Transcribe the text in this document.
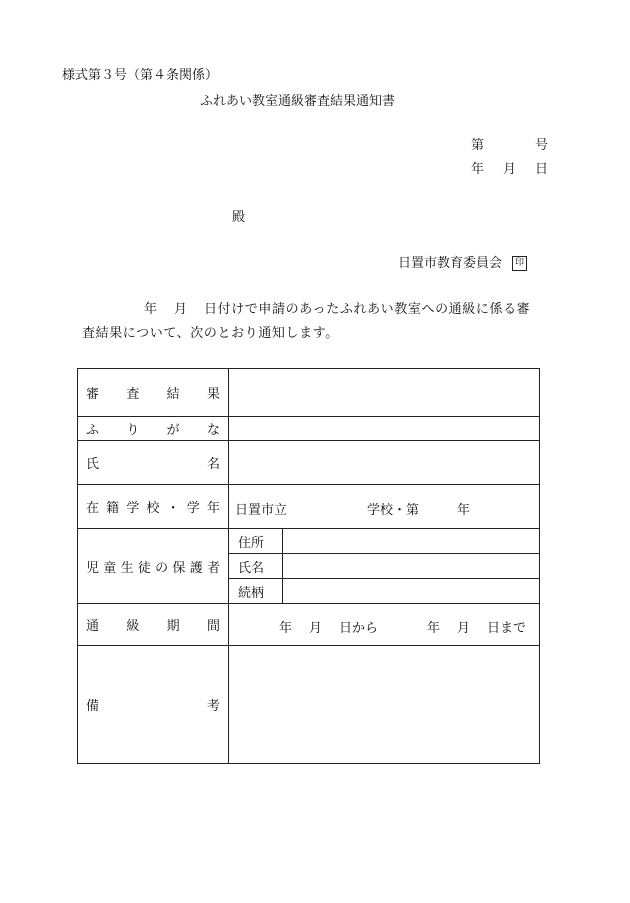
様式第３号（第４条関係）
ふれあい教室通級審査結果通知書
第	号
年 月 日
殿
日置市教育委員会 印
年 月 日付けで申請のあったふれあい教室への通級に係る審
査結果について、次のとおり通知します。
審 査 結 果

ふ り が な

氏	名

在 籍 学 校 ・ 学 年	日置市立	学校・第	年

児 童 生 徒 の 保 護 者

住所	
氏名	
続柄	

通 級 期 間	年 月 日から	年 月 日まで

備	考
